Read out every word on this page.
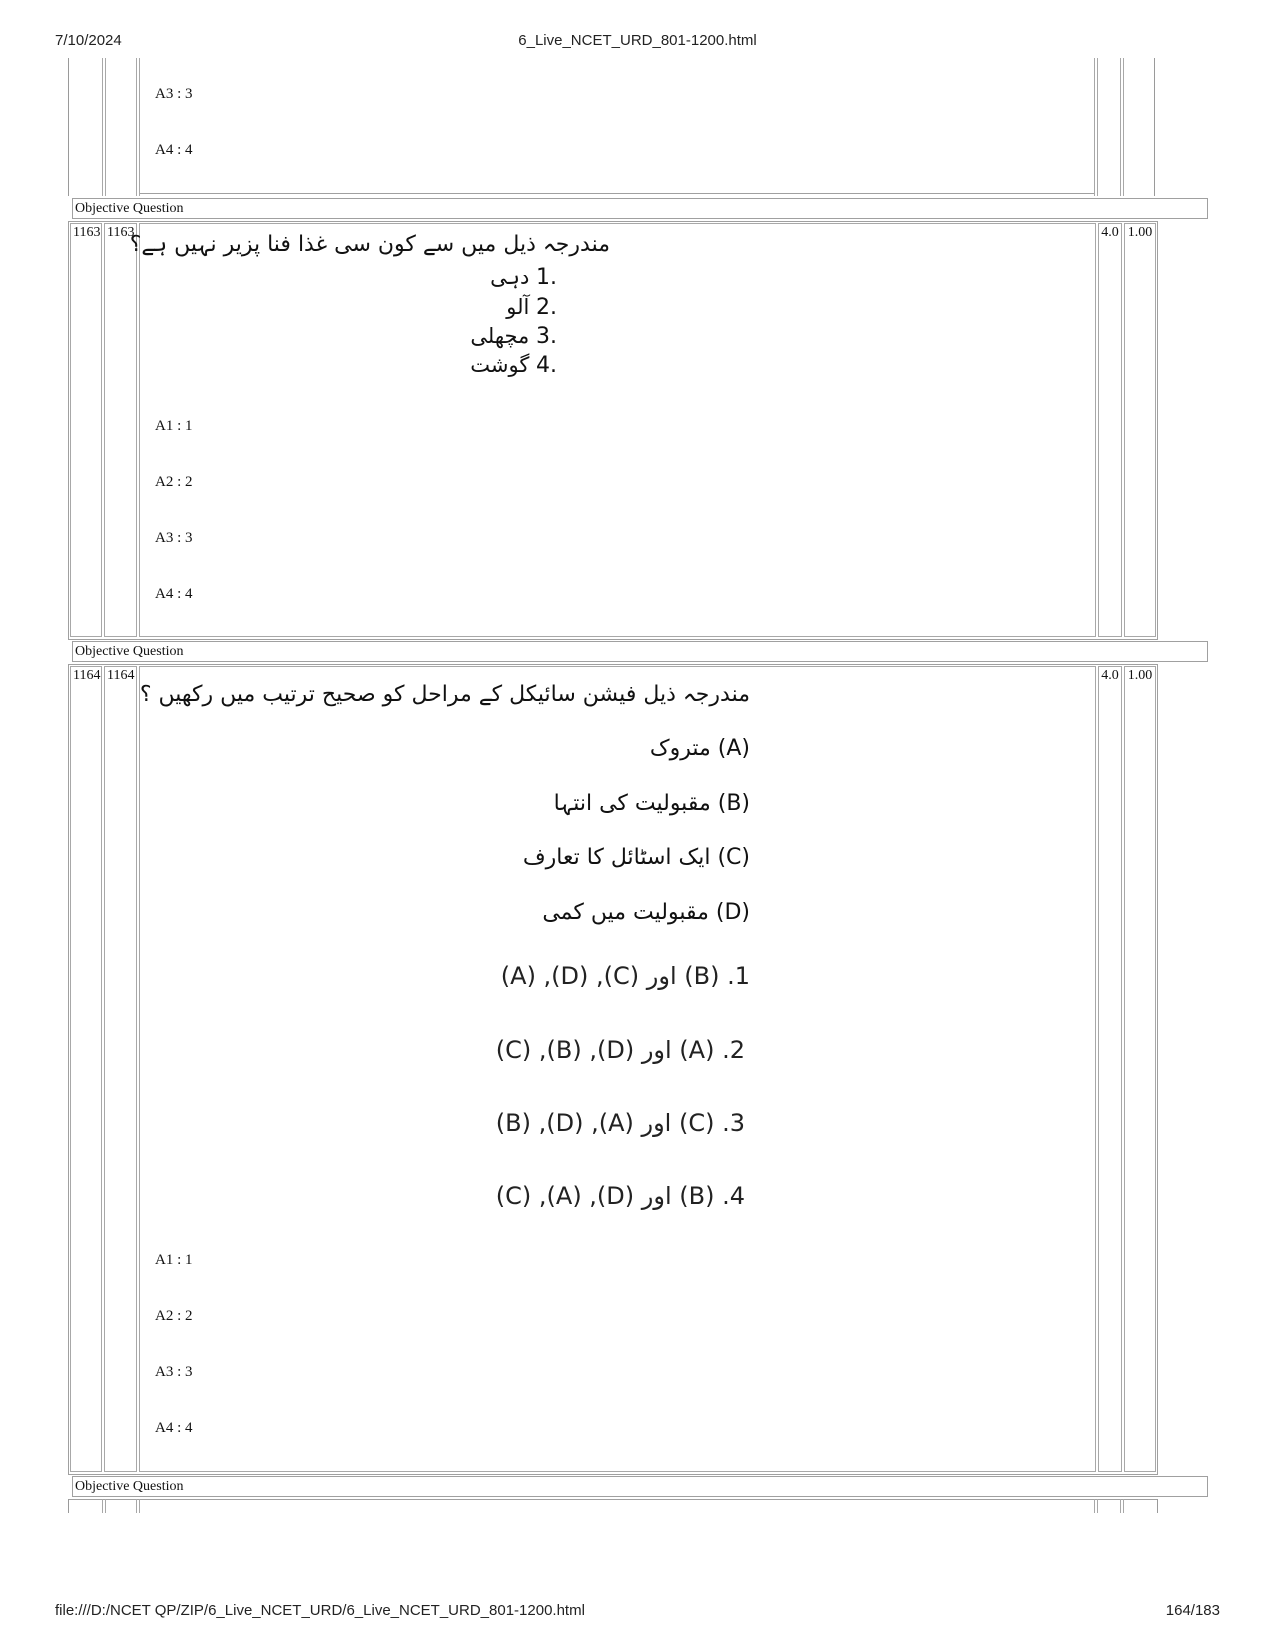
7/10/2024	6_Live_NCET_URD_801-1200.html
A3 : 3
A4 : 4
Objective Question
1163 1163	4.0 1.00
مندرجہ ذیل میں سے کون سی غذا فنا پزیر نہیں ہے؟
1. دہی
2. آلو
3. مچھلی
4. گوشت
A1 : 1
A2 : 2
A3 : 3
A4 : 4
Objective Question
1164 1164	4.0 1.00
مندرجہ ذیل فیشن سائیکل کے مراحل کو صحیح ترتیب میں رکھیں ؟
(A) متروک
(B) مقبولیت کی انتہا
(C) ایک اسٹائل کا تعارف
(D) مقبولیت میں کمی
1. (B) اور (C), (D), (A)
2. (A) اور (D), (B), (C)
3. (C) اور (A), (D), (B)
4. (B) اور (D), (A), (C)
A1 : 1
A2 : 2
A3 : 3
A4 : 4
Objective Question
file:///D:/NCET QP/ZIP/6_Live_NCET_URD/6_Live_NCET_URD_801-1200.html	164/183
